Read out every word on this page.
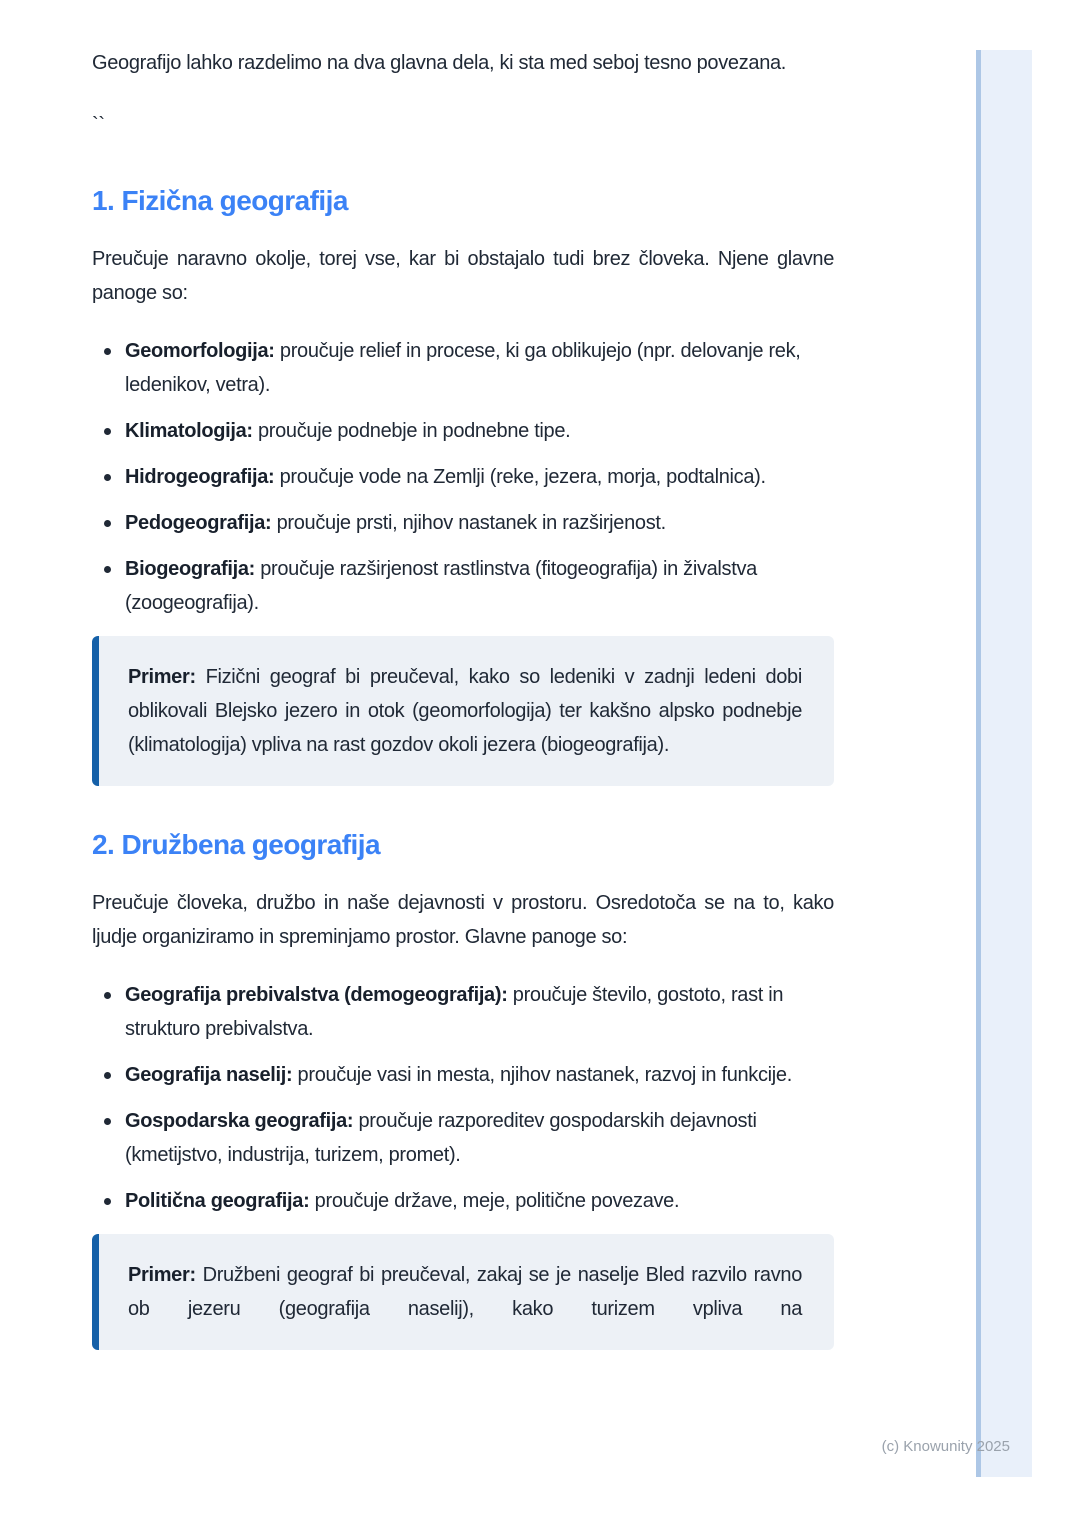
Geografijo lahko razdelimo na dva glavna dela, ki sta med seboj tesno povezana.

``

1. Fizična geografija

Preučuje naravno okolje, torej vse, kar bi obstajalo tudi brez človeka. Njene glavne panoge so:

Geomorfologija: proučuje relief in procese, ki ga oblikujejo (npr. delovanje rek, ledenikov, vetra).
Klimatologija: proučuje podnebje in podnebne tipe.
Hidrogeografija: proučuje vode na Zemlji (reke, jezera, morja, podtalnica).
Pedogeografija: proučuje prsti, njihov nastanek in razširjenost.
Biogeografija: proučuje razširjenost rastlinstva (fitogeografija) in živalstva (zoogeografija).

Primer: Fizični geograf bi preučeval, kako so ledeniki v zadnji ledeni dobi oblikovali Blejsko jezero in otok (geomorfologija) ter kakšno alpsko podnebje (klimatologija) vpliva na rast gozdov okoli jezera (biogeografija).

2. Družbena geografija

Preučuje človeka, družbo in naše dejavnosti v prostoru. Osredotoča se na to, kako ljudje organiziramo in spreminjamo prostor. Glavne panoge so:

Geografija prebivalstva (demogeografija): proučuje število, gostoto, rast in strukturo prebivalstva.
Geografija naselij: proučuje vasi in mesta, njihov nastanek, razvoj in funkcije.
Gospodarska geografija: proučuje razporeditev gospodarskih dejavnosti (kmetijstvo, industrija, turizem, promet).
Politična geografija: proučuje države, meje, politične povezave.

Primer: Družbeni geograf bi preučeval, zakaj se je naselje Bled razvilo ravno ob jezeru (geografija naselij), kako turizem vpliva na

(c) Knowunity 2025
